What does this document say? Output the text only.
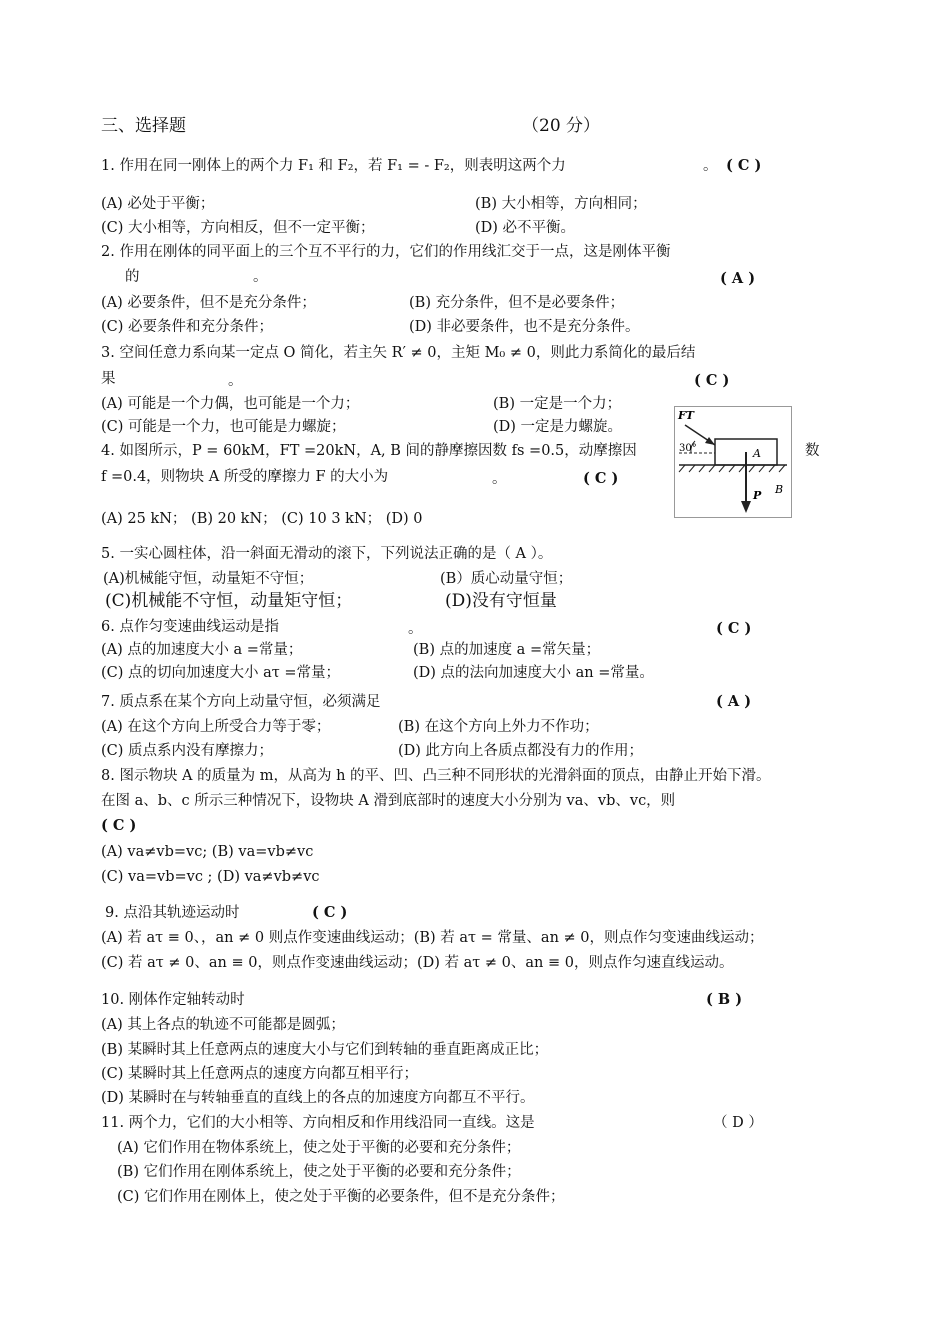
三、选择题	（20 分）
1. 作用在同一刚体上的两个力 F₁ 和 F₂，若 F₁ = - F₂，则表明这两个力	。 ( C )
(A) 必处于平衡；	(B) 大小相等，方向相同；
(C) 大小相等，方向相反，但不一定平衡；	(D) 必不平衡。
2. 作用在刚体的同平面上的三个互不平行的力，它们的作用线汇交于一点，这是刚体平衡
的	。	( A )
(A) 必要条件，但不是充分条件；	(B) 充分条件，但不是必要条件；
(C) 必要条件和充分条件；	(D) 非必要条件，也不是充分条件。
3. 空间任意力系向某一定点 O 简化，若主矢 R′ ≠ 0，主矩 M₀ ≠ 0，则此力系简化的最后结
果	。	( C )
(A) 可能是一个力偶，也可能是一个力；	(B) 一定是一个力；
(C) 可能是一个力，也可能是力螺旋；	(D) 一定是力螺旋。
4. 如图所示，P = 60kM，FT =20kN，A, B 间的静摩擦因数 fs =0.5，动摩擦因	数
f =0.4，则物块 A 所受的摩擦力 F 的大小为	。	( C )
(A) 25 kN； (B) 20 kN； (C) 10 3 kN； (D) 0
FT
30°	A
P B
5. 一实心圆柱体，沿一斜面无滑动的滚下，下列说法正确的是（ A ）。
(A)机械能守恒，动量矩不守恒；	(B）质心动量守恒；
(C)机械能不守恒，动量矩守恒；	(D)没有守恒量
6. 点作匀变速曲线运动是指	。	( C )
(A) 点的加速度大小 a =常量；	(B) 点的加速度 a =常矢量；
(C) 点的切向加速度大小 aτ =常量；	(D) 点的法向加速度大小 an =常量。
7. 质点系在某个方向上动量守恒，必须满足	( A )
(A) 在这个方向上所受合力等于零；	(B) 在这个方向上外力不作功；
(C) 质点系内没有摩擦力；	(D) 此方向上各质点都没有力的作用；
8. 图示物块 A 的质量为 m，从高为 h 的平、凹、凸三种不同形状的光滑斜面的顶点，由静止开始下滑。
在图 a、b、c 所示三种情况下，设物块 A 滑到底部时的速度大小分别为 va、vb、vc，则
( C )
(A) va≠vb=vc; (B) va=vb≠vc
(C) va=vb=vc ; (D) va≠vb≠vc
9. 点沿其轨迹运动时	( C )
(A) 若 aτ ≡ 0、，an ≠ 0 则点作变速曲线运动；(B) 若 aτ = 常量、an ≠ 0，则点作匀变速曲线运动；
(C) 若 aτ ≠ 0、an ≡ 0，则点作变速曲线运动；(D) 若 aτ ≠ 0、an ≡ 0，则点作匀速直线运动。
10. 刚体作定轴转动时	( B )
(A) 其上各点的轨迹不可能都是圆弧；
(B) 某瞬时其上任意两点的速度大小与它们到转轴的垂直距离成正比；
(C) 某瞬时其上任意两点的速度方向都互相平行；
(D) 某瞬时在与转轴垂直的直线上的各点的加速度方向都互不平行。
11. 两个力，它们的大小相等、方向相反和作用线沿同一直线。这是	（ D ）
(A) 它们作用在物体系统上，使之处于平衡的必要和充分条件；
(B) 它们作用在刚体系统上，使之处于平衡的必要和充分条件；
(C) 它们作用在刚体上，使之处于平衡的必要条件，但不是充分条件；
